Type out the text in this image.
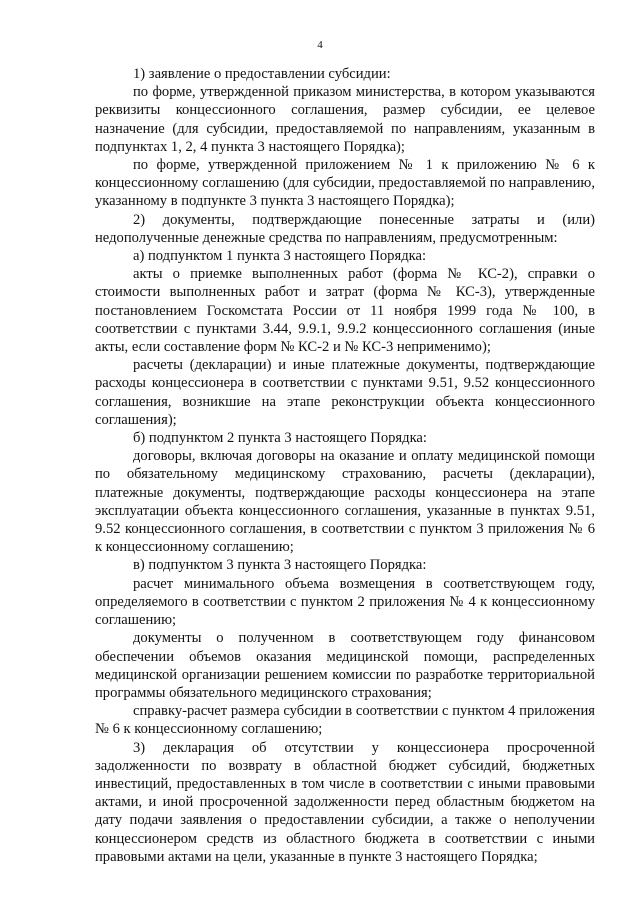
4

1) заявление о предоставлении субсидии:

по форме, утвержденной приказом министерства, в котором указываются реквизиты концессионного соглашения, размер субсидии, ее целевое назначение (для субсидии, предоставляемой по направлениям, указанным в подпунктах 1, 2, 4 пункта 3 настоящего Порядка);

по форме, утвержденной приложением № 1 к приложению № 6 к концессионному соглашению (для субсидии, предоставляемой по направлению, указанному в подпункте 3 пункта 3 настоящего Порядка);

2) документы, подтверждающие понесенные затраты и (или) недополученные денежные средства по направлениям, предусмотренным:

а) подпунктом 1 пункта 3 настоящего Порядка:

акты о приемке выполненных работ (форма № КС-2), справки о стоимости выполненных работ и затрат (форма № КС-3), утвержденные постановлением Госкомстата России от 11 ноября 1999 года № 100, в соответствии с пунктами 3.44, 9.9.1, 9.9.2 концессионного соглашения (иные акты, если составление форм № КС-2 и № КС-3 неприменимо);

расчеты (декларации) и иные платежные документы, подтверждающие расходы концессионера в соответствии с пунктами 9.51, 9.52 концессионного соглашения, возникшие на этапе реконструкции объекта концессионного соглашения);

б) подпунктом 2 пункта 3 настоящего Порядка:

договоры, включая договоры на оказание и оплату медицинской помощи по обязательному медицинскому страхованию, расчеты (декларации), платежные документы, подтверждающие расходы концессионера на этапе эксплуатации объекта концессионного соглашения, указанные в пунктах 9.51, 9.52 концессионного соглашения, в соответствии с пунктом 3 приложения № 6 к концессионному соглашению;

в) подпунктом 3 пункта 3 настоящего Порядка:

расчет минимального объема возмещения в соответствующем году, определяемого в соответствии с пунктом 2 приложения № 4 к концессионному соглашению;

документы о полученном в соответствующем году финансовом обеспечении объемов оказания медицинской помощи, распределенных медицинской организации решением комиссии по разработке территориальной программы обязательного медицинского страхования;

справку-расчет размера субсидии в соответствии с пунктом 4 приложения № 6 к концессионному соглашению;

3) декларация об отсутствии у концессионера просроченной задолженности по возврату в областной бюджет субсидий, бюджетных инвестиций, предоставленных в том числе в соответствии с иными правовыми актами, и иной просроченной задолженности перед областным бюджетом на дату подачи заявления о предоставлении субсидии, а также о неполучении концессионером средств из областного бюджета в соответствии с иными правовыми актами на цели, указанные в пункте 3 настоящего Порядка;
